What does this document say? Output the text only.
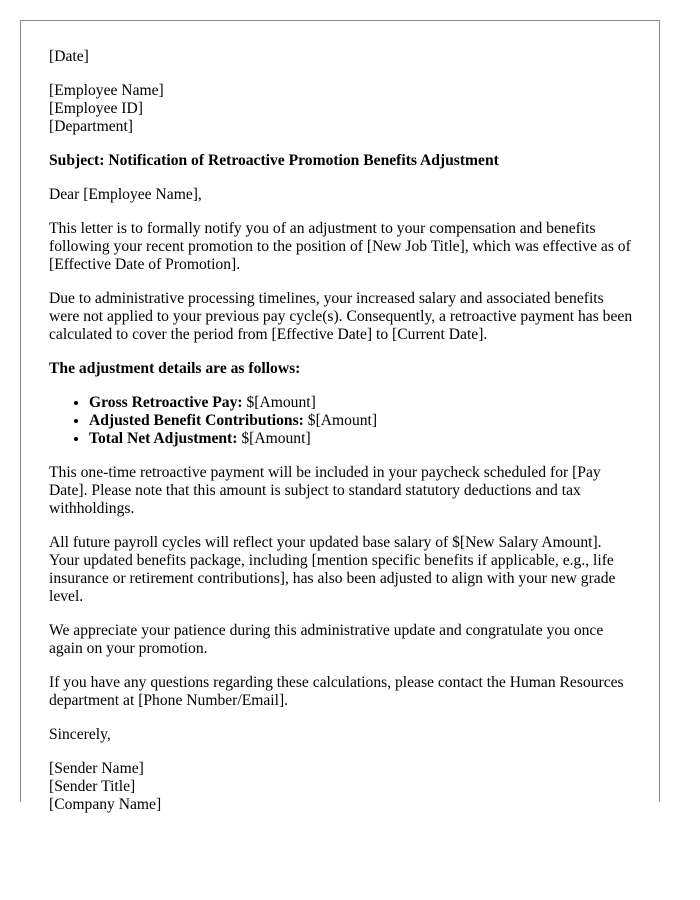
[Date]

[Employee Name]
[Employee ID]
[Department]

Subject: Notification of Retroactive Promotion Benefits Adjustment

Dear [Employee Name],

This letter is to formally notify you of an adjustment to your compensation and benefits following your recent promotion to the position of [New Job Title], which was effective as of [Effective Date of Promotion].

Due to administrative processing timelines, your increased salary and associated benefits were not applied to your previous pay cycle(s). Consequently, a retroactive payment has been calculated to cover the period from [Effective Date] to [Current Date].

The adjustment details are as follows:

• Gross Retroactive Pay: $[Amount]
• Adjusted Benefit Contributions: $[Amount]
• Total Net Adjustment: $[Amount]

This one-time retroactive payment will be included in your paycheck scheduled for [Pay Date]. Please note that this amount is subject to standard statutory deductions and tax withholdings.

All future payroll cycles will reflect your updated base salary of $[New Salary Amount]. Your updated benefits package, including [mention specific benefits if applicable, e.g., life insurance or retirement contributions], has also been adjusted to align with your new grade level.

We appreciate your patience during this administrative update and congratulate you once again on your promotion.

If you have any questions regarding these calculations, please contact the Human Resources department at [Phone Number/Email].

Sincerely,

[Sender Name]
[Sender Title]
[Company Name]
